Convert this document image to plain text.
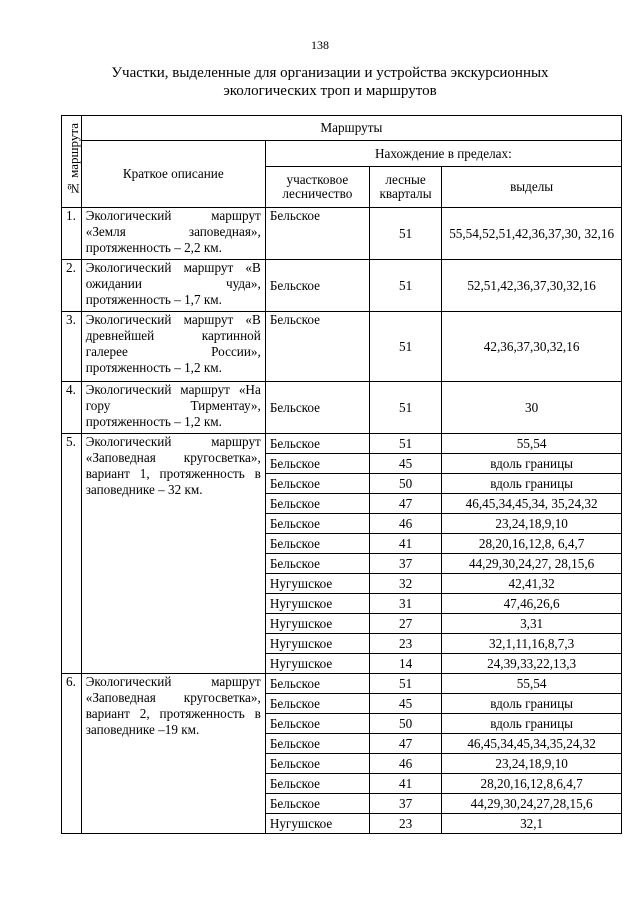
138
Участки, выделенные для организации и устройства экскурсионных
экологических троп и маршрутов
№ маршрута	Маршруты			
	Краткое описание	Нахождение в пределах:		
		участковое лесничество	лесные кварталы	выделы
1.	Экологический маршрут «Земля заповедная», протяженность – 2,2 км.	Бельское	51	55,54,52,51,42,36,37,30, 32,16
2.	Экологический маршрут «В ожидании чуда», протяженность – 1,7 км.	Бельское	51	52,51,42,36,37,30,32,16
3.	Экологический маршрут «В древнейшей картинной галерее России», протяженность – 1,2 км.	Бельское	51	42,36,37,30,32,16
4.	Экологический маршрут «На гору Тирментау», протяженность – 1,2 км.	Бельское	51	30
5.	Экологический маршрут «Заповедная кругосветка», вариант 1, протяженность в заповеднике – 32 км.	Бельское	51	55,54
		Бельское	45	вдоль границы
		Бельское	50	вдоль границы
		Бельское	47	46,45,34,45,34, 35,24,32
		Бельское	46	23,24,18,9,10
		Бельское	41	28,20,16,12,8, 6,4,7
		Бельское	37	44,29,30,24,27, 28,15,6
		Нугушское	32	42,41,32
		Нугушское	31	47,46,26,6
		Нугушское	27	3,31
		Нугушское	23	32,1,11,16,8,7,3
		Нугушское	14	24,39,33,22,13,3
6.	Экологический маршрут «Заповедная кругосветка», вариант 2, протяженность в заповеднике –19 км.	Бельское	51	55,54
		Бельское	45	вдоль границы
		Бельское	50	вдоль границы
		Бельское	47	46,45,34,45,34,35,24,32
		Бельское	46	23,24,18,9,10
		Бельское	41	28,20,16,12,8,6,4,7
		Бельское	37	44,29,30,24,27,28,15,6
		Нугушское	23	32,1
